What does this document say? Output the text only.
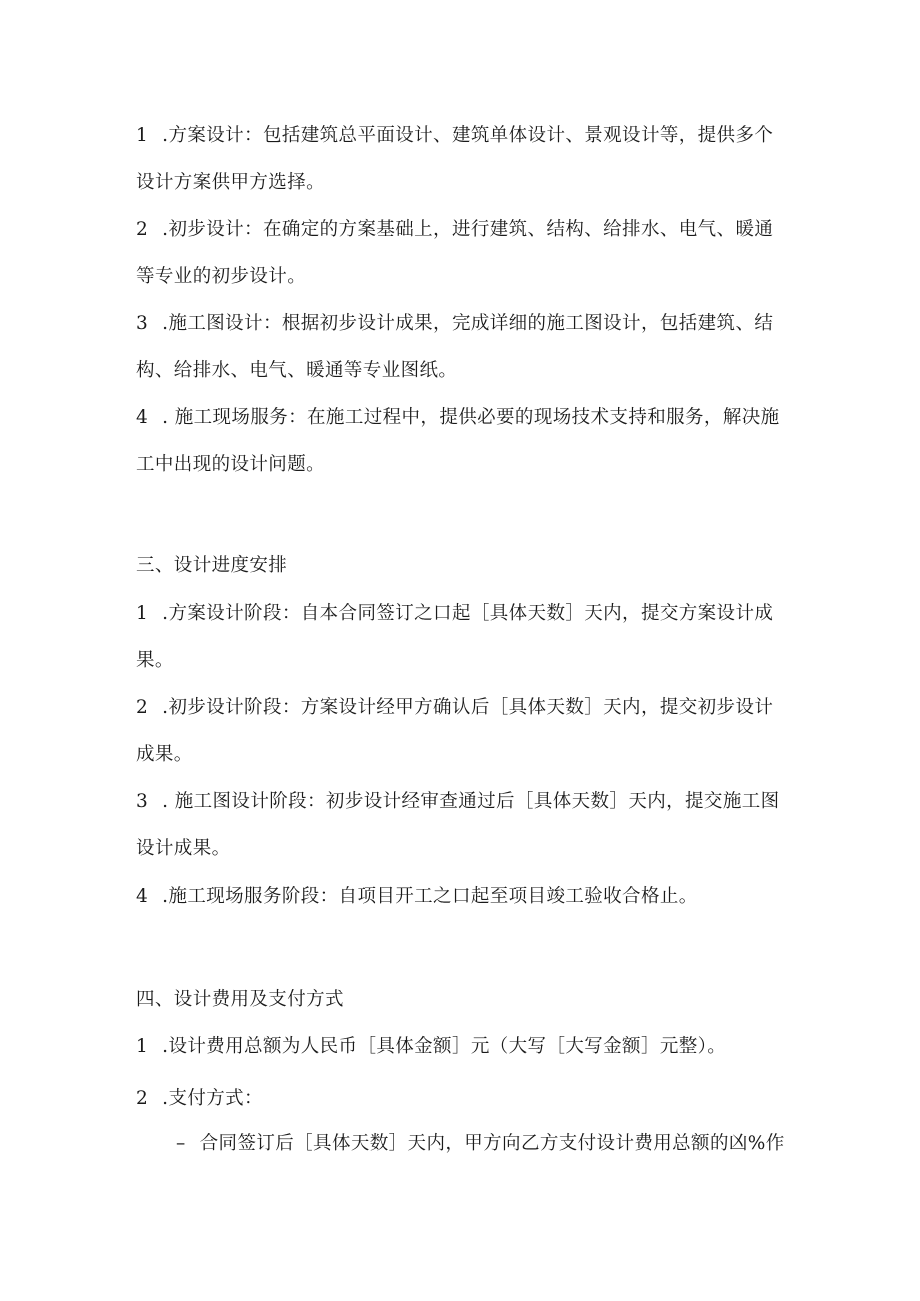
1 .方案设计：包括建筑总平面设计、建筑单体设计、景观设计等，提供多个设计方案供甲方选择。

2 .初步设计：在确定的方案基础上，进行建筑、结构、给排水、电气、暖通等专业的初步设计。

3 .施工图设计：根据初步设计成果，完成详细的施工图设计，包括建筑、结构、给排水、电气、暖通等专业图纸。

4 . 施工现场服务：在施工过程中，提供必要的现场技术支持和服务，解决施工中出现的设计问题。

三、设计进度安排

1 .方案设计阶段：自本合同签订之口起［具体天数］天内，提交方案设计成果。

2 .初步设计阶段：方案设计经甲方确认后［具体天数］天内，提交初步设计成果。

3 . 施工图设计阶段：初步设计经审查通过后［具体天数］天内，提交施工图设计成果。

4 .施工现场服务阶段：自项目开工之口起至项目竣工验收合格止。

四、设计费用及支付方式

1 .设计费用总额为人民币［具体金额］元（大写［大写金额］元整）。

2 .支付方式：

– 合同签订后［具体天数］天内，甲方向乙方支付设计费用总额的凶%作
